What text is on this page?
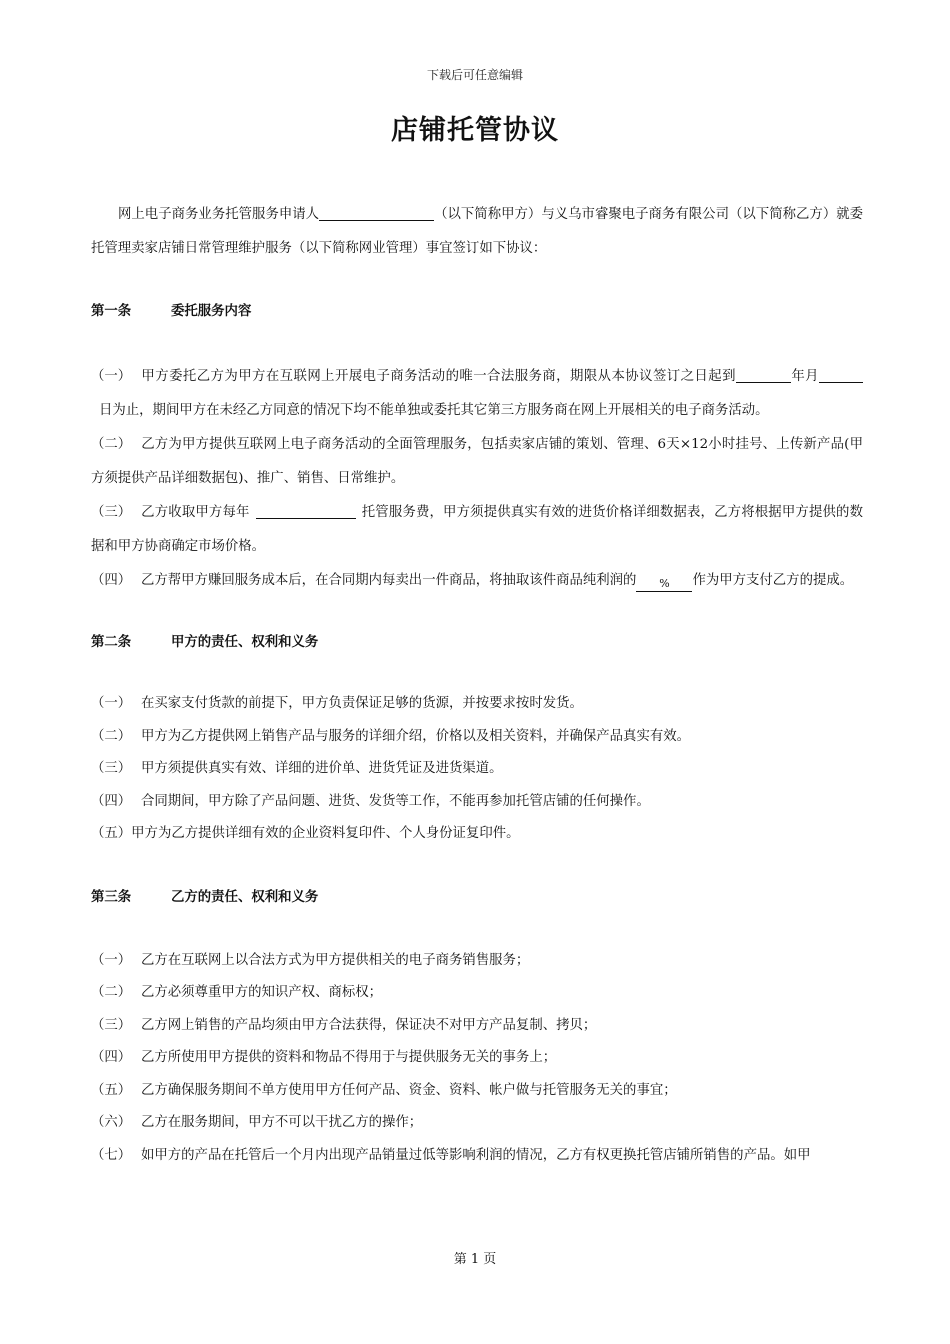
下载后可任意编辑
店铺托管协议

网上电子商务业务托管服务申请人	（以下简称甲方）与义乌市睿聚电子商务有限公司（以下简称乙方）就委托管理卖家店铺日常管理维护服务（以下简称网业管理）事宜签订如下协议：

第一条	委托服务内容

（一） 甲方委托乙方为甲方在互联网上开展电子商务活动的唯一合法服务商，期限从本协议签订之日起到	年月日为止，期间甲方在未经乙方同意的情况下均不能单独或委托其它第三方服务商在网上开展相关的电子商务活动。

（二） 乙方为甲方提供互联网上电子商务活动的全面管理服务，包括卖家店铺的策划、管理、6天×12小时挂号、上传新产品(甲方须提供产品详细数据包)、推广、销售、日常维护。

（三） 乙方收取甲方每年	托管服务费，甲方须提供真实有效的进货价格详细数据表，乙方将根据甲方提供的数据和甲方协商确定市场价格。

（四） 乙方帮甲方赚回服务成本后，在合同期内每卖出一件商品，将抽取该件商品纯利润的 % 作为甲方支付乙方的提成。

第二条	甲方的责任、权利和义务

（一） 在买家支付货款的前提下，甲方负责保证足够的货源，并按要求按时发货。

（二） 甲方为乙方提供网上销售产品与服务的详细介绍，价格以及相关资料，并确保产品真实有效。

（三） 甲方须提供真实有效、详细的进价单、进货凭证及进货渠道。

（四） 合同期间，甲方除了产品问题、进货、发货等工作，不能再参加托管店铺的任何操作。

（五）甲方为乙方提供详细有效的企业资料复印件、个人身份证复印件。

第三条	乙方的责任、权利和义务

（一） 乙方在互联网上以合法方式为甲方提供相关的电子商务销售服务；

（二） 乙方必须尊重甲方的知识产权、商标权；

（三） 乙方网上销售的产品均须由甲方合法获得，保证决不对甲方产品复制、拷贝；

（四） 乙方所使用甲方提供的资料和物品不得用于与提供服务无关的事务上；

（五） 乙方确保服务期间不单方使用甲方任何产品、资金、资料、帐户做与托管服务无关的事宜；

（六） 乙方在服务期间，甲方不可以干扰乙方的操作；

（七） 如甲方的产品在托管后一个月内出现产品销量过低等影响利润的情况，乙方有权更换托管店铺所销售的产品。如甲

第 1 页
